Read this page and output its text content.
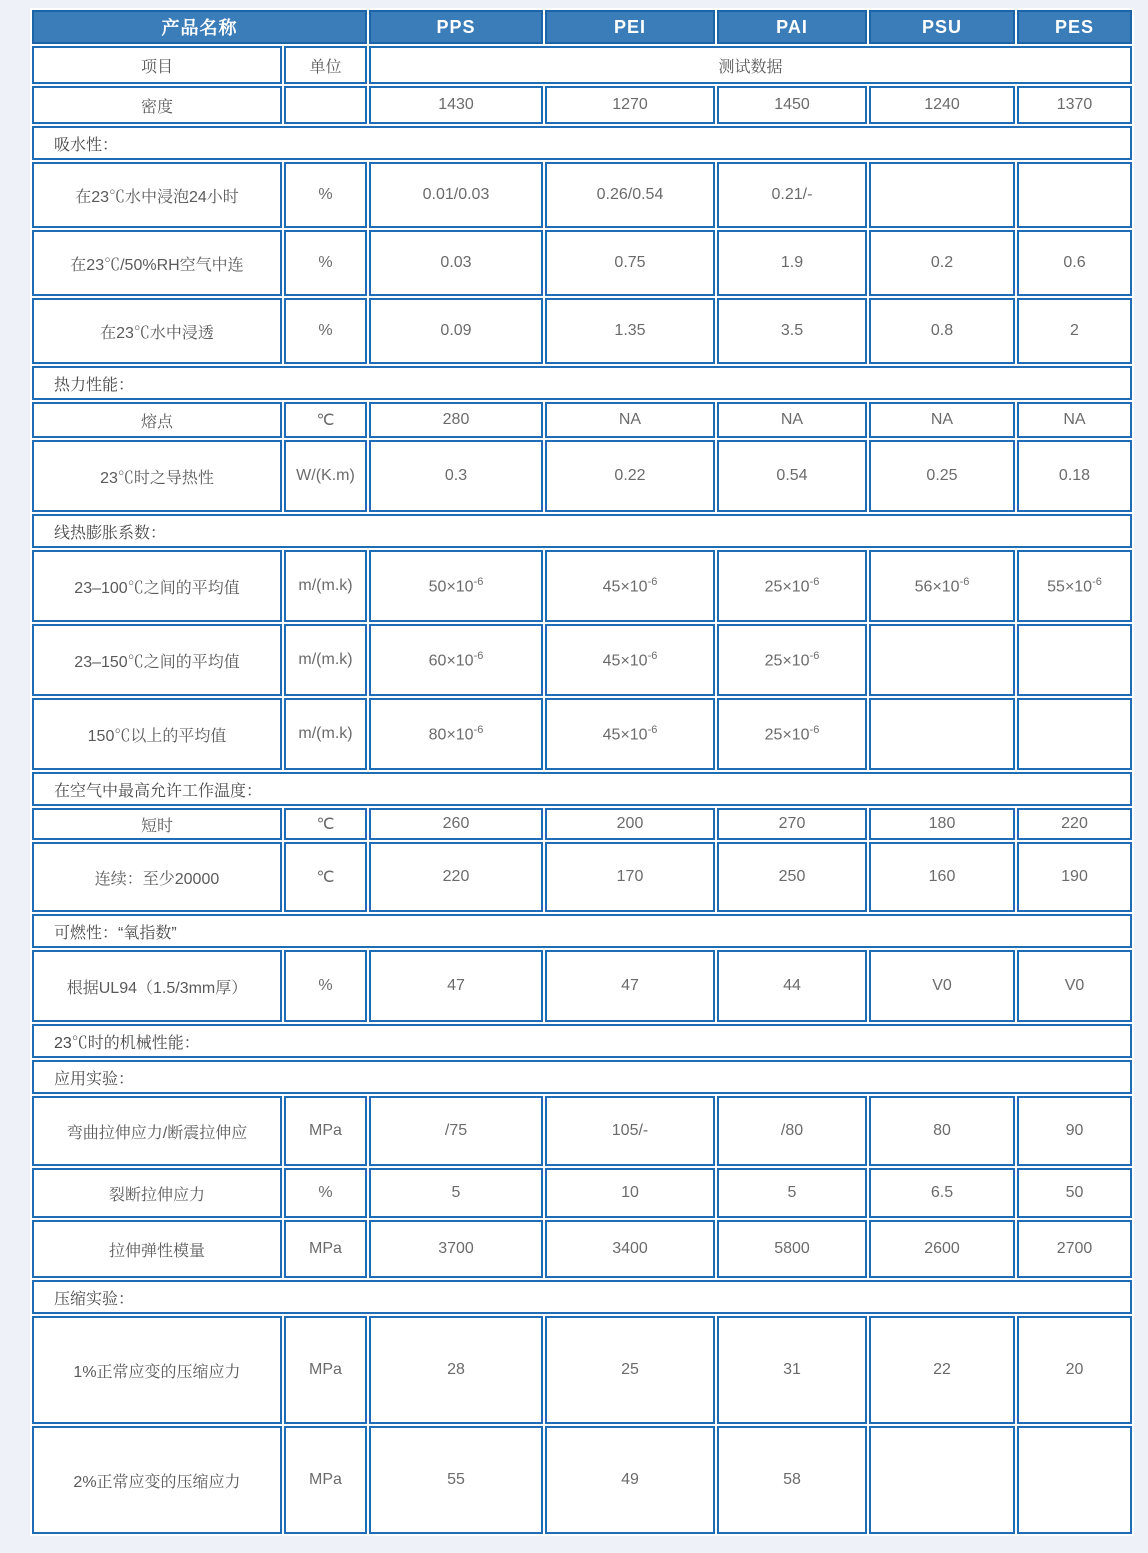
产品名称		PPS	PEI	PAI	PSU	PES
项目	单位	测试数据				
密度		1430	1270	1450	1240	1370
吸水性：						
在23℃水中浸泡24小时	%	0.01/0.03	0.26/0.54	0.21/-		
在23℃/50%RH空气中连	%	0.03	0.75	1.9	0.2	0.6
在23℃水中浸透	%	0.09	1.35	3.5	0.8	2
热力性能：						
熔点	℃	280	NA	NA	NA	NA
23℃时之导热性	W/(K.m)	0.3	0.22	0.54	0.25	0.18
线热膨胀系数：						
23–100℃之间的平均值	m/(m.k)	$50\times 10^{-6}$	$45\times 10^{-6}$	$25\times 10^{-6}$	$56\times 10^{-6}$	$55\times 10^{-6}$
23–150℃之间的平均值	m/(m.k)	$60\times 10^{-6}$	$45\times 10^{-6}$	$25\times 10^{-6}$		
150℃以上的平均值	m/(m.k)	$80\times 10^{-6}$	$45\times 10^{-6}$	$25\times 10^{-6}$		
在空气中最高允许工作温度：						
短时	℃	260	200	270	180	220
连续：至少20000	℃	220	170	250	160	190
可燃性：“氧指数”						
根据UL94（1.5/3mm厚）	%	47	47	44	V0	V0
23℃时的机械性能：						
应用实验：						
弯曲拉伸应力/断震拉伸应	MPa	/75	105/-	/80	80	90
裂断拉伸应力	%	5	10	5	6.5	50
拉伸弹性模量	MPa	3700	3400	5800	2600	2700
压缩实验：						
1%正常应变的压缩应力	MPa	28	25	31	22	20
2%正常应变的压缩应力	MPa	55	49	58		
